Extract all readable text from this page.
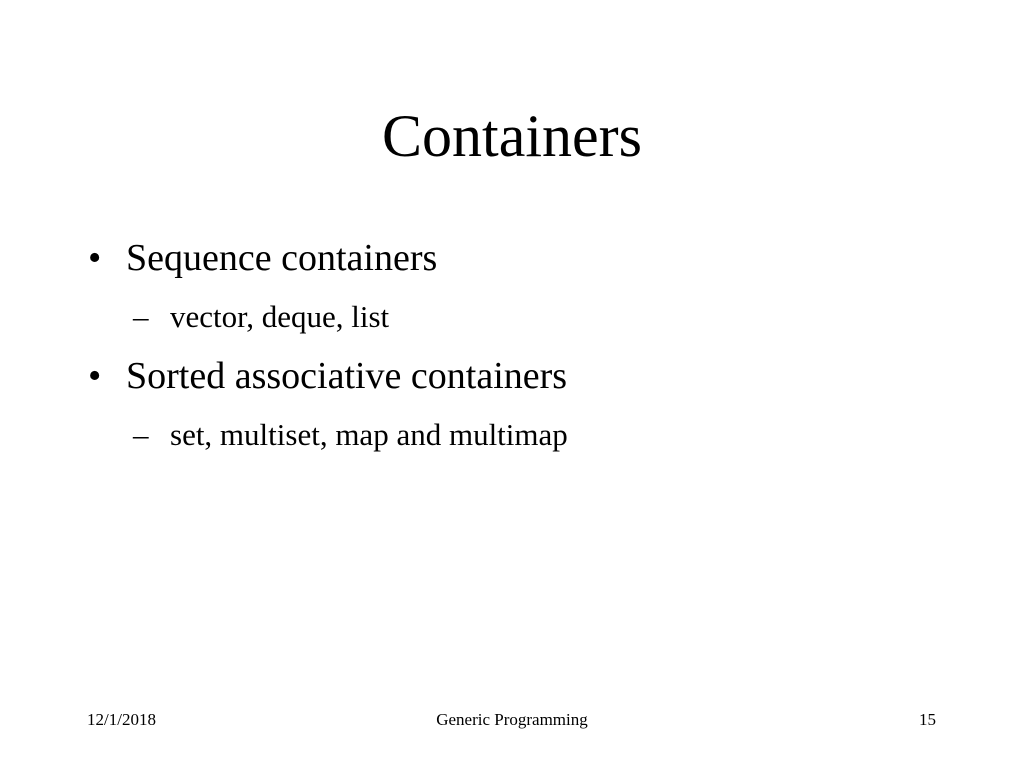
Containers
• Sequence containers
– vector, deque, list
• Sorted associative containers
– set, multiset, map and multimap
12/1/2018	Generic Programming	15
